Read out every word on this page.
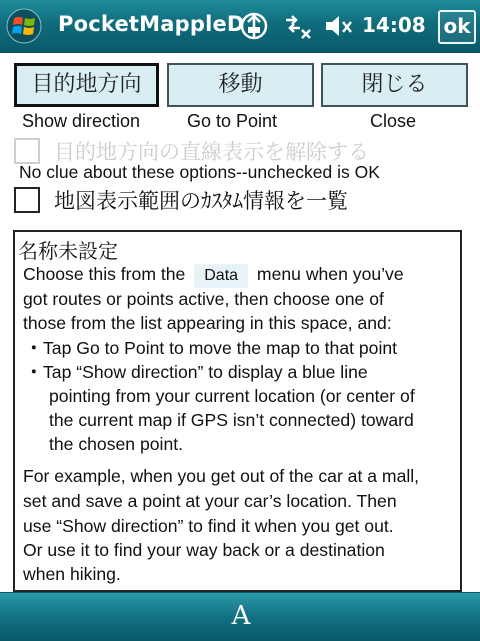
PocketMappleD	14:08 ok
目的地方向	移動	閉じる
Show direction	Go to Point	Close
目的地方向の直線表示を解除する
No clue about these options--unchecked is OK
地図表示範囲のｶｽﾀﾑ情報を一覧
名称未設定
Choose this from the Data menu when you’ve
got routes or points active, then choose one of
those from the list appearing in this space, and:
・Tap Go to Point to move the map to that point
・Tap “Show direction” to display a blue line
pointing from your current location (or center of
the current map if GPS isn’t connected) toward
the chosen point.
For example, when you get out of the car at a mall,
set and save a point at your car’s location. Then
use “Show direction” to find it when you get out.
Or use it to find your way back or a destination
when hiking.
A
